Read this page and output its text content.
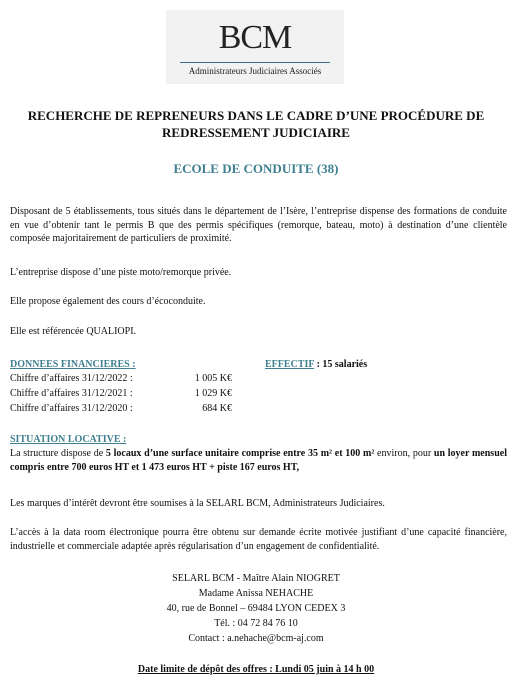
BCM
Administrateurs Judiciaires Associés
RECHERCHE DE REPRENEURS DANS LE CADRE D’UNE PROCÉDURE DE
REDRESSEMENT JUDICIAIRE
ECOLE DE CONDUITE (38)
Disposant de 5 établissements, tous situés dans le département de l’Isère, l’entreprise dispense des formations de conduite en vue d’obtenir tant le permis B que des permis spécifiques (remorque, bateau, moto) à destination d’une clientèle composée majoritairement de particuliers de proximité.
L’entreprise dispose d’une piste moto/remorque privée.
Elle propose également des cours d’écoconduite.
Elle est référencée QUALIOPI.
DONNEES FINANCIERES :	EFFECTIF : 15 salariés
Chiffre d’affaires 31/12/2022 :	1 005 K€
Chiffre d’affaires 31/12/2021 :	1 029 K€
Chiffre d’affaires 31/12/2020 :	684 K€
SITUATION LOCATIVE :
La structure dispose de 5 locaux d’une surface unitaire comprise entre 35 m² et 100 m² environ, pour un loyer mensuel compris entre 700 euros HT et 1 473 euros HT + piste 167 euros HT,
Les marques d’intérêt devront être soumises à la SELARL BCM, Administrateurs Judiciaires.
L’accès à la data room électronique pourra être obtenu sur demande écrite motivée justifiant d’une capacité financière, industrielle et commerciale adaptée après régularisation d’un engagement de confidentialité.
SELARL BCM - Maître Alain NIOGRET
Madame Anissa NEHACHE
40, rue de Bonnel – 69484 LYON CEDEX 3
Tél. : 04 72 84 76 10
Contact : a.nehache@bcm-aj.com
Date limite de dépôt des offres : Lundi 05 juin à 14 h 00
